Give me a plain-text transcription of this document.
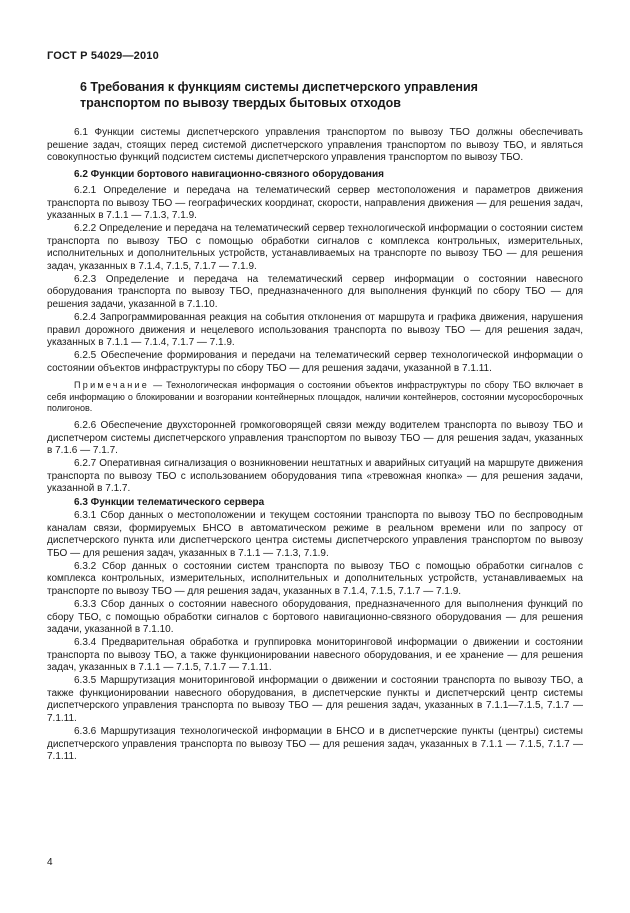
ГОСТ Р 54029—2010
6 Требования к функциям системы диспетчерского управления
транспортом по вывозу твердых бытовых отходов

6.1 Функции системы диспетчерского управления транспортом по вывозу ТБО должны обеспечивать решение задач, стоящих перед системой диспетчерского управления транспортом по вывозу ТБО, и являться совокупностью функций подсистем системы диспетчерского управления транспортом по вывозу ТБО.

6.2 Функции бортового навигационно-связного оборудования

6.2.1 Определение и передача на телематический сервер местоположения и параметров движения транспорта по вывозу ТБО — географических координат, скорости, направления движения — для решения задач, указанных в 7.1.1 — 7.1.3, 7.1.9.

6.2.2 Определение и передача на телематический сервер технологической информации о состоянии систем транспорта по вывозу ТБО с помощью обработки сигналов с комплекса контрольных, измерительных, исполнительных и дополнительных устройств, устанавливаемых на транспорте по вывозу ТБО — для решения задач, указанных в 7.1.4, 7.1.5, 7.1.7 — 7.1.9.

6.2.3 Определение и передача на телематический сервер информации о состоянии навесного оборудования транспорта по вывозу ТБО, предназначенного для выполнения функций по сбору ТБО — для решения задачи, указанной в 7.1.10.

6.2.4 Запрограммированная реакция на события отклонения от маршрута и графика движения, нарушения правил дорожного движения и нецелевого использования транспорта по вывозу ТБО — для решения задач, указанных в 7.1.1 — 7.1.4, 7.1.7 — 7.1.9.

6.2.5 Обеспечение формирования и передачи на телематический сервер технологической информации о состоянии объектов инфраструктуры по сбору ТБО — для решения задачи, указанной в 7.1.11.

Примечание — Технологическая информация о состоянии объектов инфраструктуры по сбору ТБО включает в себя информацию о блокировании и возгорании контейнерных площадок, наличии контейнеров, состоянии мусоросборочных полигонов.

6.2.6 Обеспечение двухсторонней громкоговорящей связи между водителем транспорта по вывозу ТБО и диспетчером системы диспетчерского управления транспортом по вывозу ТБО — для решения задач, указанных в 7.1.6 — 7.1.7.

6.2.7 Оперативная сигнализация о возникновении нештатных и аварийных ситуаций на маршруте движения транспорта по вывозу ТБО с использованием оборудования типа «тревожная кнопка» — для решения задачи, указанной в 7.1.7.

6.3 Функции телематического сервера

6.3.1 Сбор данных о местоположении и текущем состоянии транспорта по вывозу ТБО по беспроводным каналам связи, формируемых БНСО в автоматическом режиме в реальном времени или по запросу от диспетчерского пункта или диспетчерского центра системы диспетчерского управления транспортом по вывозу ТБО — для решения задач, указанных в 7.1.1 — 7.1.3, 7.1.9.

6.3.2 Сбор данных о состоянии систем транспорта по вывозу ТБО с помощью обработки сигналов с комплекса контрольных, измерительных, исполнительных и дополнительных устройств, устанавливаемых на транспорте по вывозу ТБО — для решения задач, указанных в 7.1.4, 7.1.5, 7.1.7 — 7.1.9.

6.3.3 Сбор данных о состоянии навесного оборудования, предназначенного для выполнения функций по сбору ТБО, с помощью обработки сигналов с бортового навигационно-связного оборудования — для решения задачи, указанной в 7.1.10.

6.3.4 Предварительная обработка и группировка мониторинговой информации о движении и состоянии транспорта по вывозу ТБО, а также функционировании навесного оборудования, и ее хранение — для решения задач, указанных в 7.1.1 — 7.1.5, 7.1.7 — 7.1.11.

6.3.5 Маршрутизация мониторинговой информации о движении и состоянии транспорта по вывозу ТБО, а также функционировании навесного оборудования, в диспетчерские пункты и диспетчерский центр системы диспетчерского управления транспорта по вывозу ТБО — для решения задач, указанных в 7.1.1—7.1.5, 7.1.7 — 7.1.11.

6.3.6 Маршрутизация технологической информации в БНСО и в диспетчерские пункты (центры) системы диспетчерского управления транспорта по вывозу ТБО — для решения задач, указанных в 7.1.1 — 7.1.5, 7.1.7 — 7.1.11.

4
